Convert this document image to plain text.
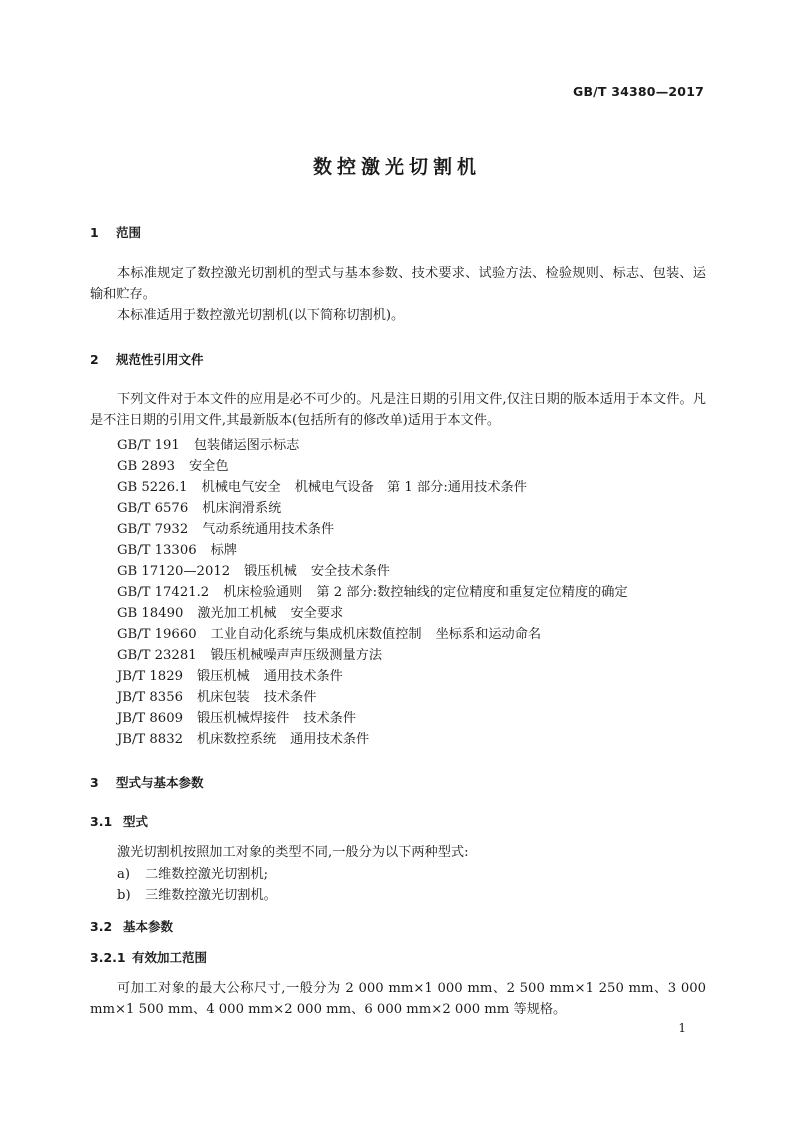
GB/T 34380—2017
数控激光切割机
1 范围

本标准规定了数控激光切割机的型式与基本参数、技术要求、试验方法、检验规则、标志、包装、运输和贮存。

本标准适用于数控激光切割机(以下简称切割机)。

2 规范性引用文件

下列文件对于本文件的应用是必不可少的。凡是注日期的引用文件,仅注日期的版本适用于本文件。凡是不注日期的引用文件,其最新版本(包括所有的修改单)适用于本文件。

GB/T 191 包装储运图示标志
GB 2893 安全色
GB 5226.1 机械电气安全 机械电气设备　第 1 部分:通用技术条件
GB/T 6576 机床润滑系统
GB/T 7932 气动系统通用技术条件
GB/T 13306 标牌
GB 17120—2012 锻压机械 安全技术条件
GB/T 17421.2 机床检验通则 第 2 部分:数控轴线的定位精度和重复定位精度的确定
GB 18490 激光加工机械 安全要求
GB/T 19660 工业自动化系统与集成机床数值控制 坐标系和运动命名
GB/T 23281 锻压机械噪声声压级测量方法
JB/T 1829 锻压机械 通用技术条件
JB/T 8356 机床包装 技术条件
JB/T 8609 锻压机械焊接件 技术条件
JB/T 8832 机床数控系统 通用技术条件
3 型式与基本参数
3.1 型式

激光切割机按照加工对象的类型不同,一般分为以下两种型式:

a) 二维数控激光切割机;
b) 三维数控激光切割机。
3.2 基本参数
3.2.1 有效加工范围

可加工对象的最大公称尺寸,一般分为 2 000 mm×1 000 mm、2 500 mm×1 250 mm、3 000 mm×1 500 mm、4 000 mm×2 000 mm、6 000 mm×2 000 mm 等规格。

1
